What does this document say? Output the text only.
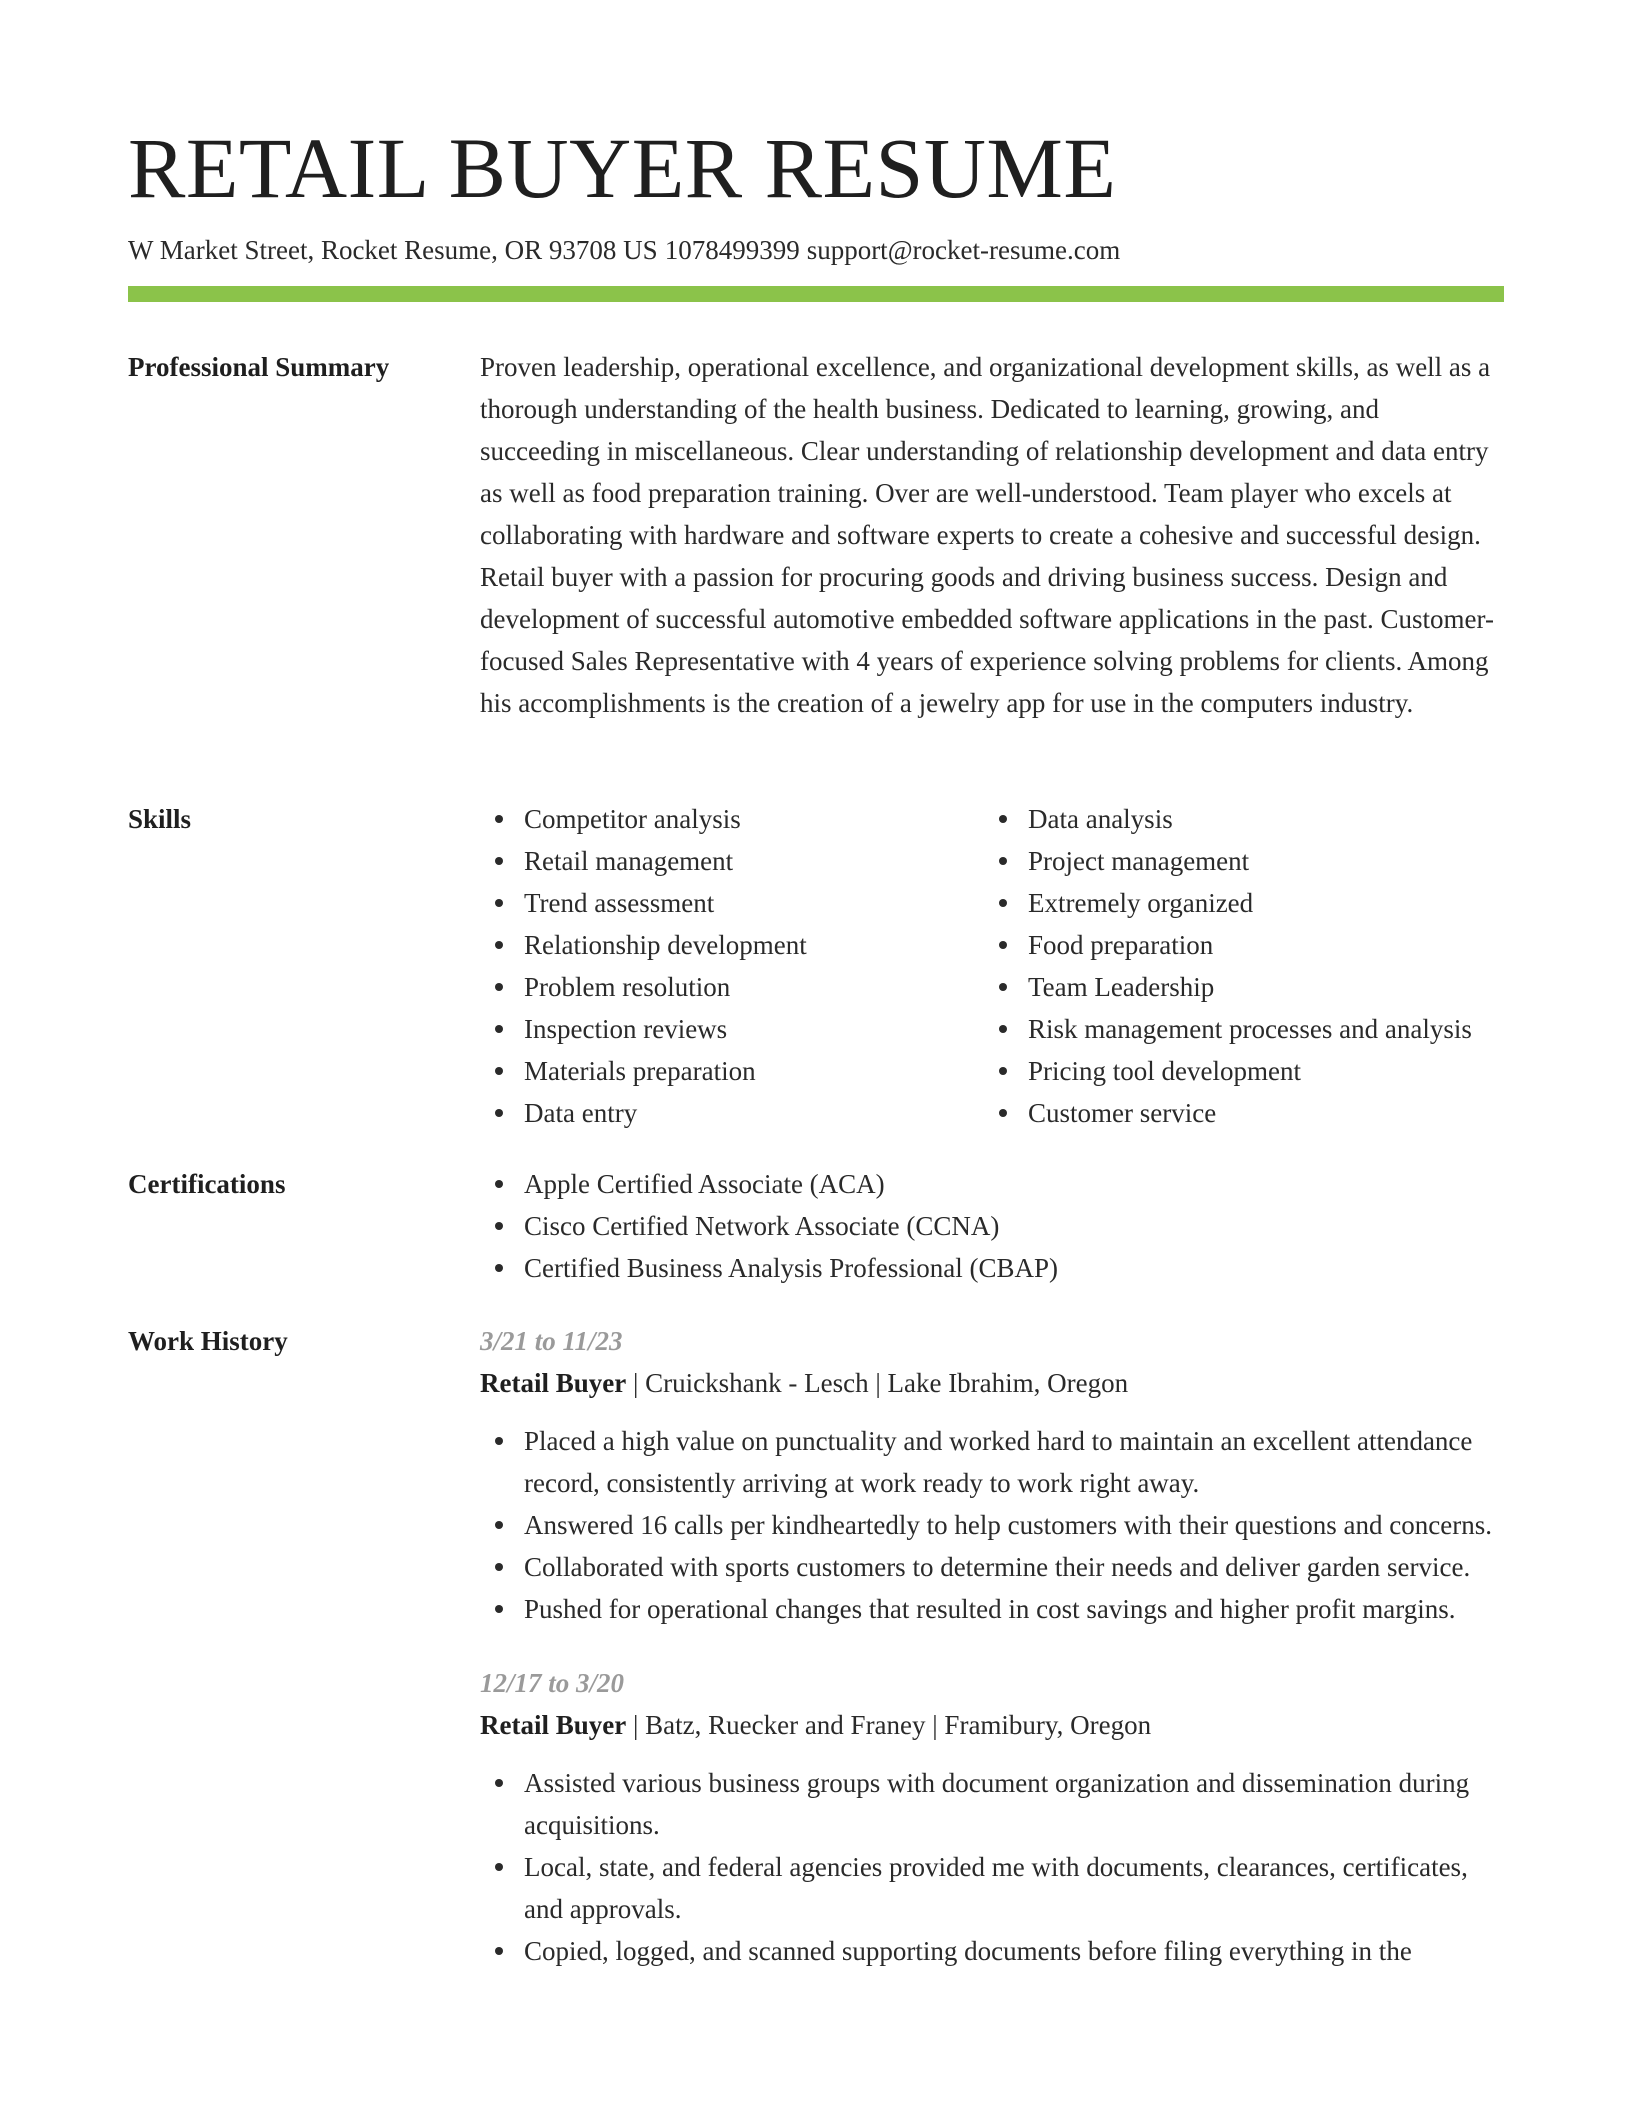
RETAIL BUYER RESUME
W Market Street, Rocket Resume, OR 93708 US 1078499399 support@rocket-resume.com
Professional Summary	Proven leadership, operational excellence, and organizational development skills, as well as a thorough understanding of the health business. Dedicated to learning, growing, and succeeding in miscellaneous. Clear understanding of relationship development and data entry as well as food preparation training. Over are well-understood. Team player who excels at collaborating with hardware and software experts to create a cohesive and successful design. Retail buyer with a passion for procuring goods and driving business success. Design and development of successful automotive embedded software applications in the past. Customer-focused Sales Representative with 4 years of experience solving problems for clients. Among his accomplishments is the creation of a jewelry app for use in the computers industry.

Skills	Competitor analysis
Retail management
Trend assessment
Relationship development
Problem resolution
Inspection reviews
Materials preparation
Data entry
Data analysis
Project management
Extremely organized
Food preparation
Team Leadership
Risk management processes and analysis
Pricing tool development
Customer service
Certifications	Apple Certified Associate (ACA)
Cisco Certified Network Associate (CCNA)
Certified Business Analysis Professional (CBAP)
Work History	3/21 to 11/23
Retail Buyer | Cruickshank - Lesch | Lake Ibrahim, Oregon
Placed a high value on punctuality and worked hard to maintain an excellent attendance record, consistently arriving at work ready to work right away.
Answered 16 calls per kindheartedly to help customers with their questions and concerns.
Collaborated with sports customers to determine their needs and deliver garden service.
Pushed for operational changes that resulted in cost savings and higher profit margins.
12/17 to 3/20
Retail Buyer | Batz, Ruecker and Franey | Framibury, Oregon
Assisted various business groups with document organization and dissemination during acquisitions.
Local, state, and federal agencies provided me with documents, clearances, certificates, and approvals.
Copied, logged, and scanned supporting documents before filing everything in the
